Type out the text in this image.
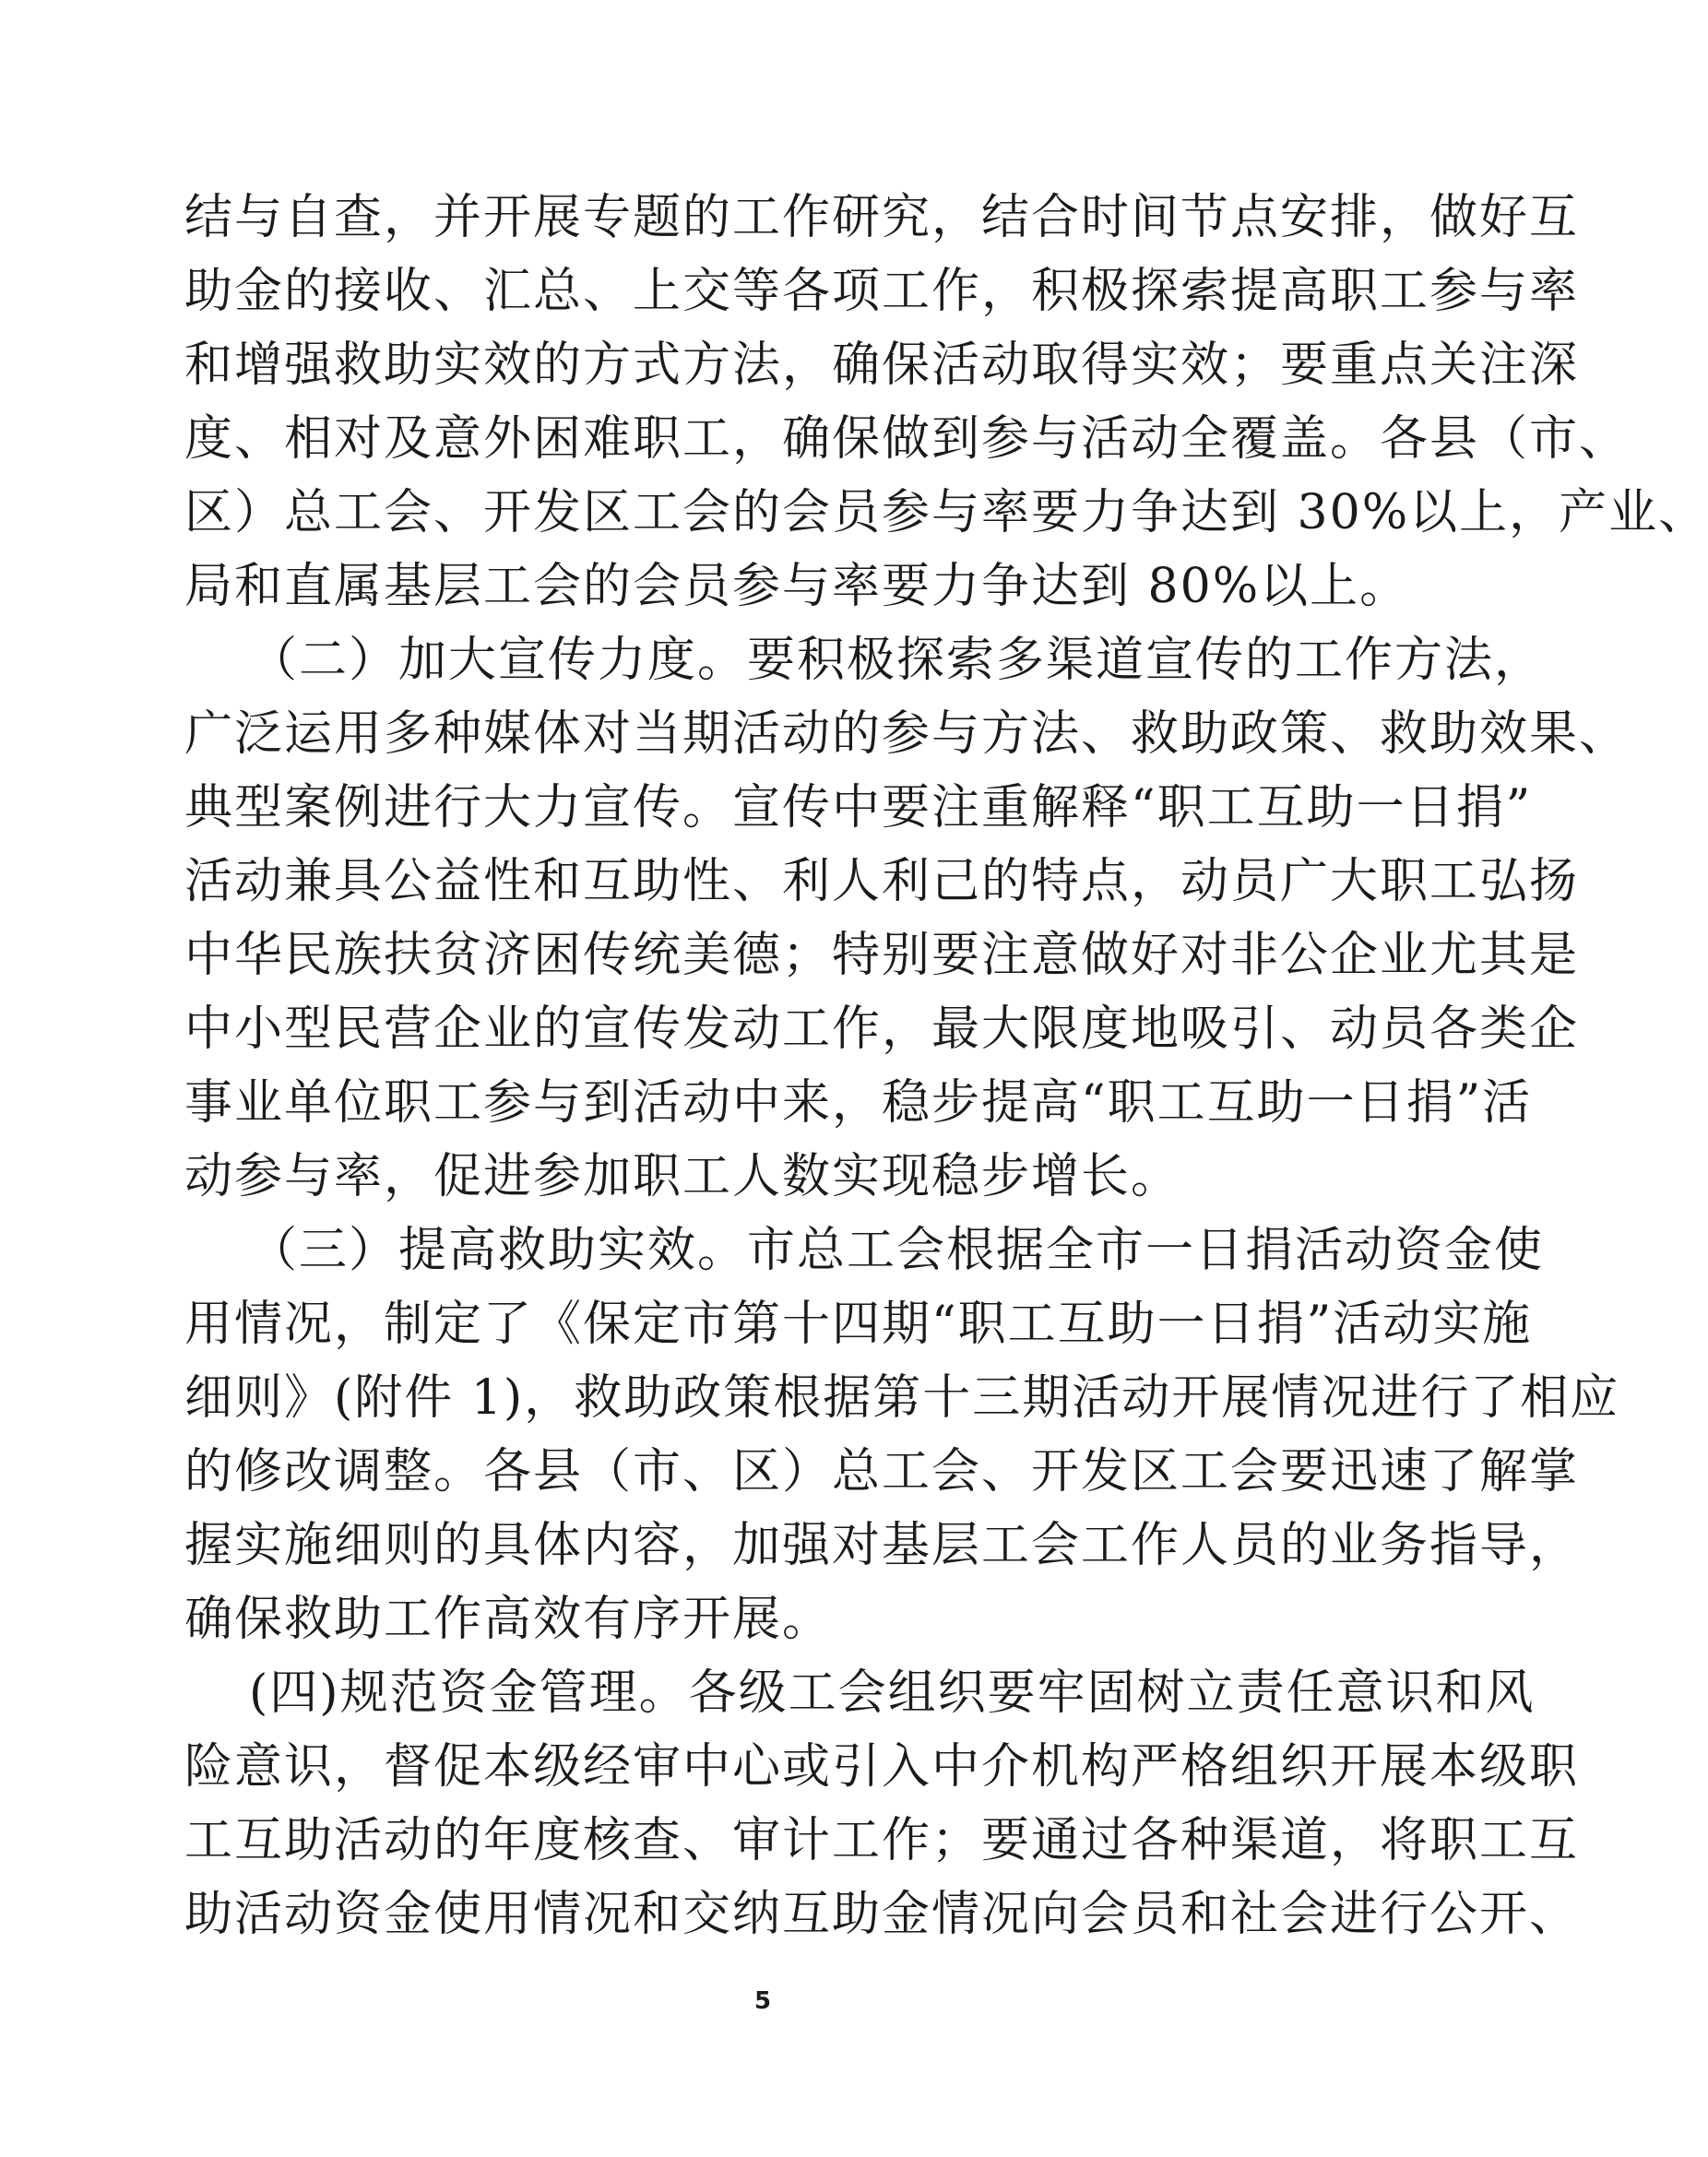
结与自查，并开展专题的工作研究，结合时间节点安排，做好互
助金的接收、汇总、上交等各项工作，积极探索提高职工参与率
和增强救助实效的方式方法，确保活动取得实效；要重点关注深
度、相对及意外困难职工，确保做到参与活动全覆盖。各县（市、
区）总工会、开发区工会的会员参与率要力争达到 30%以上，产业、
局和直属基层工会的会员参与率要力争达到 80%以上。
（二）加大宣传力度。要积极探索多渠道宣传的工作方法，
广泛运用多种媒体对当期活动的参与方法、救助政策、救助效果、
典型案例进行大力宣传。宣传中要注重解释“职工互助一日捐”
活动兼具公益性和互助性、利人利己的特点，动员广大职工弘扬
中华民族扶贫济困传统美德；特别要注意做好对非公企业尤其是
中小型民营企业的宣传发动工作，最大限度地吸引、动员各类企
事业单位职工参与到活动中来，稳步提高“职工互助一日捐”活
动参与率，促进参加职工人数实现稳步增长。
（三）提高救助实效。市总工会根据全市一日捐活动资金使
用情况，制定了《保定市第十四期“职工互助一日捐”活动实施
细则》(附件 1)，救助政策根据第十三期活动开展情况进行了相应
的修改调整。各县（市、区）总工会、开发区工会要迅速了解掌
握实施细则的具体内容，加强对基层工会工作人员的业务指导，
确保救助工作高效有序开展。
(四)规范资金管理。各级工会组织要牢固树立责任意识和风
险意识，督促本级经审中心或引入中介机构严格组织开展本级职
工互助活动的年度核查、审计工作；要通过各种渠道，将职工互
助活动资金使用情况和交纳互助金情况向会员和社会进行公开、
5
